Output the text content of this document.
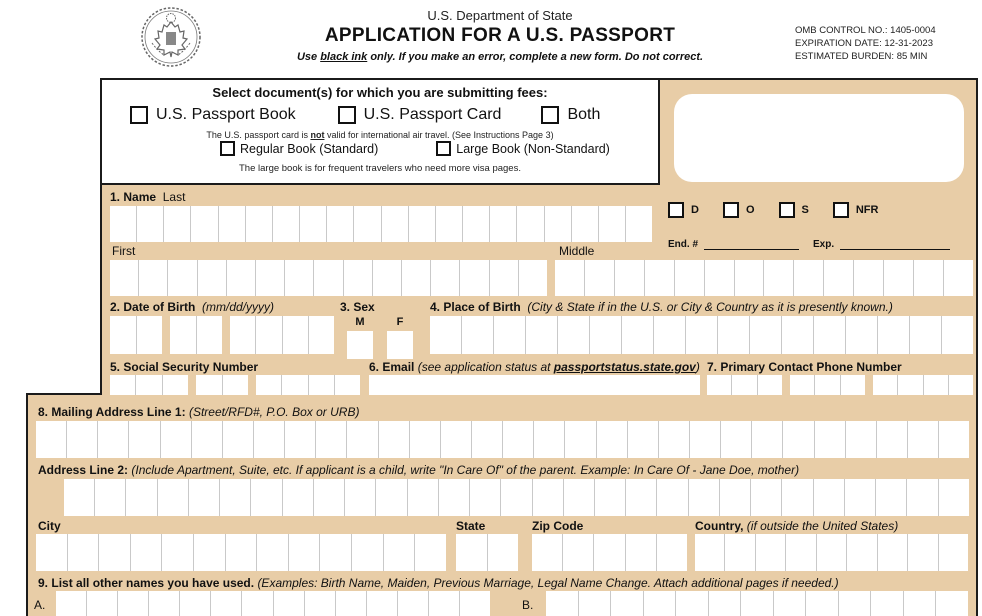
U.S. Department of State
APPLICATION FOR A U.S. PASSPORT
Use black ink only. If you make an error, complete a new form. Do not correct.
OMB CONTROL NO.: 1405-0004
EXPIRATION DATE: 12-31-2023
ESTIMATED BURDEN: 85 MIN
Select document(s) for which you are submitting fees:
U.S. Passport Book	U.S. Passport Card	Both
The U.S. passport card is not valid for international air travel. (See Instructions Page 3)
Regular Book (Standard)	Large Book (Non-Standard)
The large book is for frequent travelers who need more visa pages.
1. Name Last
D	O	S	NFR
End. #	Exp.
First	Middle
2. Date of Birth (mm/dd/yyyy)	3. Sex
M	F
4. Place of Birth (City & State if in the U.S. or City & Country as it is presently known.)
5. Social Security Number	6. Email (see application status at passportstatus.state.gov) 7. Primary Contact Phone Number
8. Mailing Address Line 1: (Street/RFD#, P.O. Box or URB)
Address Line 2: (Include Apartment, Suite, etc. If applicant is a child, write "In Care Of" of the parent. Example: In Care Of - Jane Doe, mother)
City	State	Zip Code	Country, (if outside the United States)
9. List all other names you have used. (Examples: Birth Name, Maiden, Previous Marriage, Legal Name Change. Attach additional pages if needed.)
A.	B.
